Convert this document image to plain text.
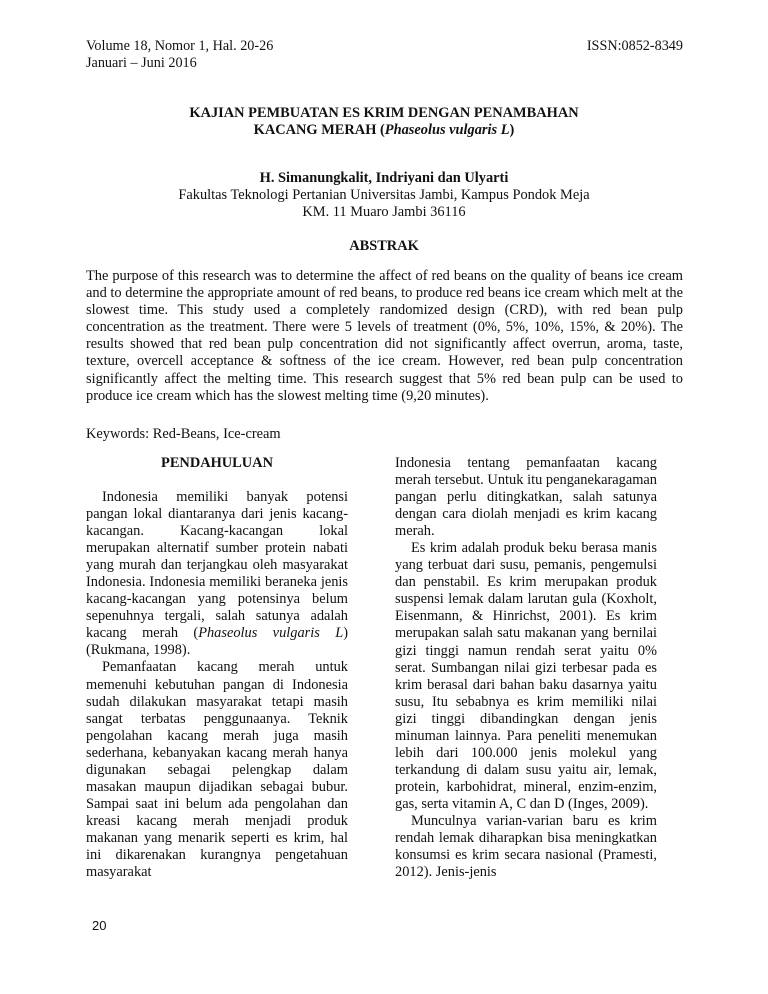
Volume 18, Nomor 1, Hal. 20-26
Januari – Juni 2016
ISSN:0852-8349
KAJIAN PEMBUATAN ES KRIM DENGAN PENAMBAHAN
KACANG MERAH (Phaseolus vulgaris L)
H. Simanungkalit, Indriyani dan Ulyarti
Fakultas Teknologi Pertanian Universitas Jambi, Kampus Pondok Meja
KM. 11 Muaro Jambi 36116
ABSTRAK

The purpose of this research was to determine the affect of red beans on the quality of beans ice cream and to determine the appropriate amount of red beans, to produce red beans ice cream which melt at the slowest time. This study used a completely randomized design (CRD), with red bean pulp concentration as the treatment. There were 5 levels of treatment (0%, 5%, 10%, 15%, & 20%). The results showed that red bean pulp concentration did not significantly affect overrun, aroma, taste, texture, overcell acceptance & softness of the ice cream. However, red bean pulp concentration significantly affect the melting time. This research suggest that 5% red bean pulp can be used to produce ice cream which has the slowest melting time (9,20 minutes).

Keywords: Red-Beans, Ice-cream
PENDAHULUAN

Indonesia memiliki banyak potensi pangan lokal diantaranya dari jenis kacang-kacangan. Kacang-kacangan lokal merupakan alternatif sumber protein nabati yang murah dan terjangkau oleh masyarakat Indonesia. Indonesia memiliki beraneka jenis kacang-kacangan yang potensinya belum sepenuhnya tergali, salah satunya adalah kacang merah (Phaseolus vulgaris L) (Rukmana, 1998).

Pemanfaatan kacang merah untuk memenuhi kebutuhan pangan di Indonesia sudah dilakukan masyarakat tetapi masih sangat terbatas penggunaanya. Teknik pengolahan kacang merah juga masih sederhana, kebanyakan kacang merah hanya digunakan sebagai pelengkap dalam masakan maupun dijadikan sebagai bubur. Sampai saat ini belum ada pengolahan dan kreasi kacang merah menjadi produk makanan yang menarik seperti es krim, hal ini dikarenakan kurangnya pengetahuan masyarakat

Indonesia tentang pemanfaatan kacang merah tersebut. Untuk itu penganekaragaman pangan perlu ditingkatkan, salah satunya dengan cara diolah menjadi es krim kacang merah.

Es krim adalah produk beku berasa manis yang terbuat dari susu, pemanis, pengemulsi dan penstabil. Es krim merupakan produk suspensi lemak dalam larutan gula (Koxholt, Eisenmann, & Hinrichst, 2001). Es krim merupakan salah satu makanan yang bernilai gizi tinggi namun rendah serat yaitu 0% serat. Sumbangan nilai gizi terbesar pada es krim berasal dari bahan baku dasarnya yaitu susu, Itu sebabnya es krim memiliki nilai gizi tinggi dibandingkan dengan jenis minuman lainnya. Para peneliti menemukan lebih dari 100.000 jenis molekul yang terkandung di dalam susu yaitu air, lemak, protein, karbohidrat, mineral, enzim-enzim, gas, serta vitamin A, C dan D (Inges, 2009).

Munculnya varian-varian baru es krim rendah lemak diharapkan bisa meningkatkan konsumsi es krim secara nasional (Pramesti, 2012). Jenis-jenis

20
